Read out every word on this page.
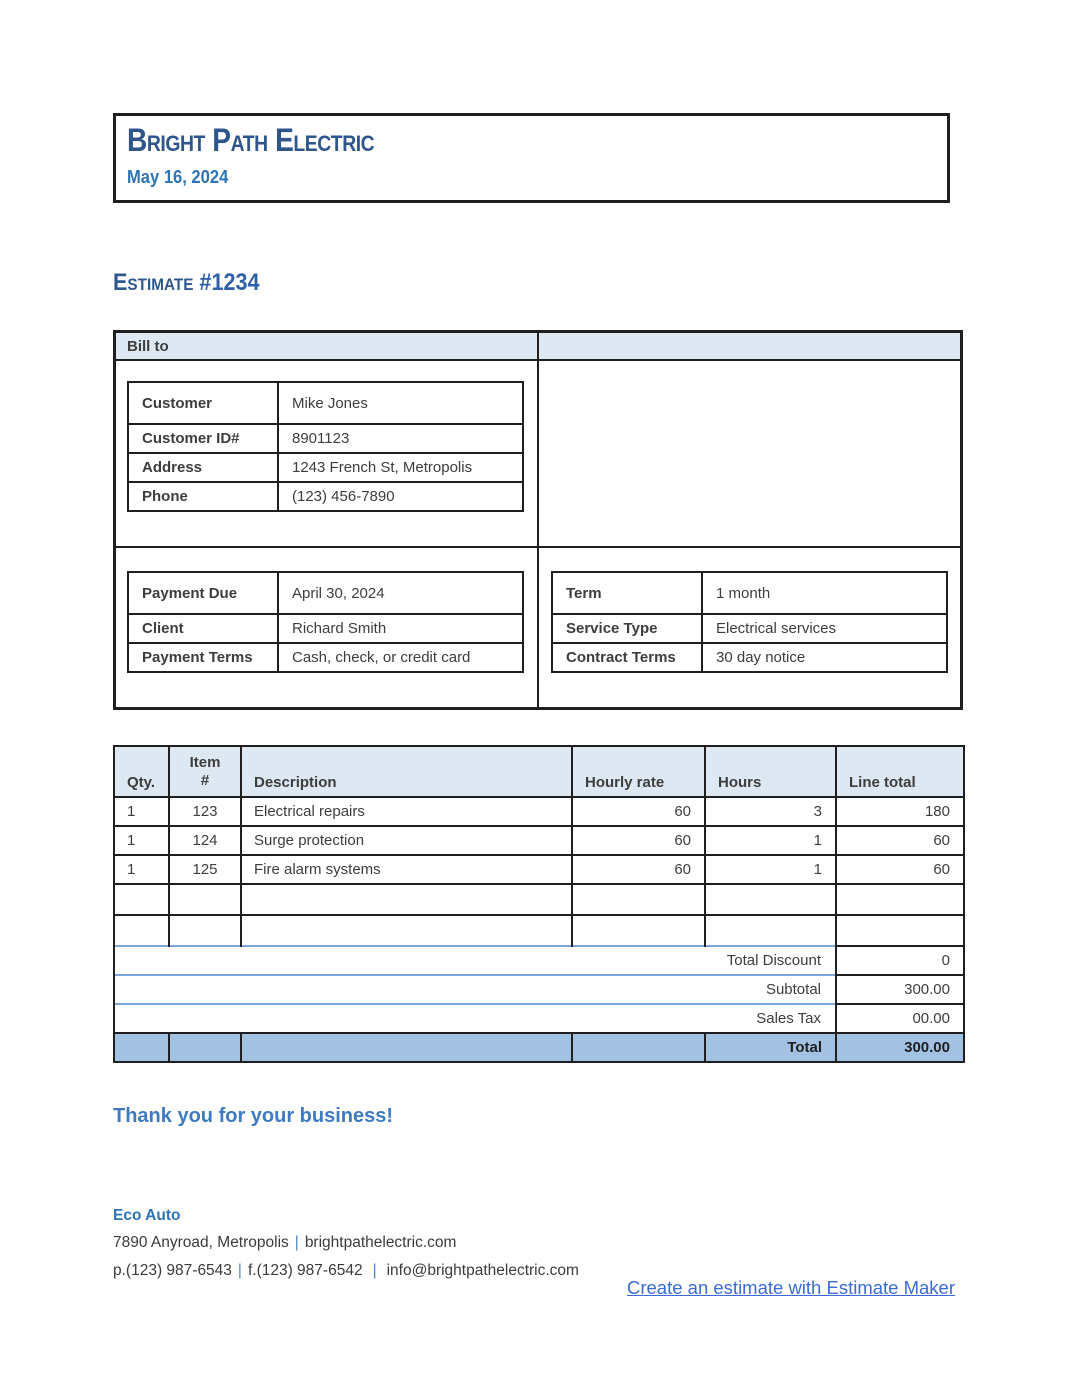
Bright Path Electric
May 16, 2024
Estimate #1234
Bill to
Customer	Mike Jones
Customer ID#	8901123
Address	1243 French St, Metropolis
Phone	(123) 456-7890
Payment Due	April 30, 2024
Client	Richard Smith
Payment Terms	Cash, check, or credit card
Term	1 month
Service Type	Electrical services
Contract Terms	30 day notice
Qty.	Item #	Description	Hourly rate	Hours	Line total
1	123	Electrical repairs	60	3	180
1	124	Surge protection	60	1	60
1	125	Fire alarm systems	60	1	60

Total Discount					0
Subtotal					300.00
Sales Tax					00.00
				Total	300.00
Thank you for your business!
Eco Auto
7890 Anyroad, Metropolis | brightpathelectric.com
p.(123) 987-6543 | f.(123) 987-6542 | info@brightpathelectric.com
Create an estimate with Estimate Maker
